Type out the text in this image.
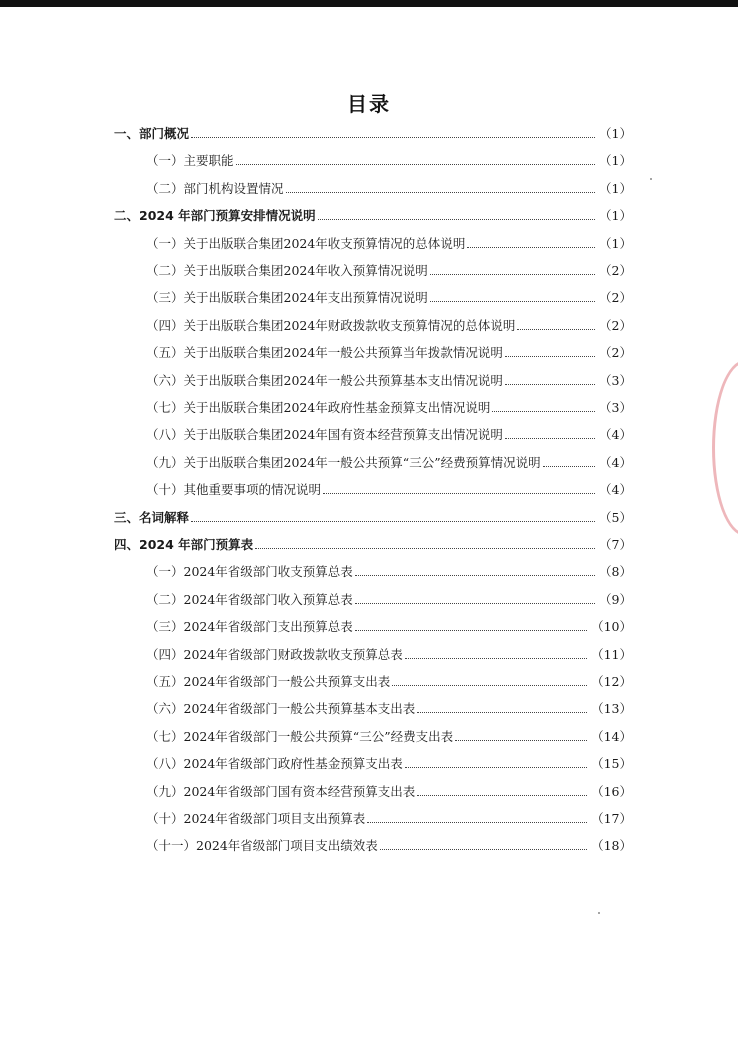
目录
一、部门概况	（1）
（一）主要职能	（1）
（二）部门机构设置情况	（1）
二、2024 年部门预算安排情况说明	（1）
（一）关于出版联合集团2024年收支预算情况的总体说明	（1）
（二）关于出版联合集团2024年收入预算情况说明	（2）
（三）关于出版联合集团2024年支出预算情况说明	（2）
（四）关于出版联合集团2024年财政拨款收支预算情况的总体说明	（2）
（五）关于出版联合集团2024年一般公共预算当年拨款情况说明	（2）
（六）关于出版联合集团2024年一般公共预算基本支出情况说明	（3）
（七）关于出版联合集团2024年政府性基金预算支出情况说明	（3）
（八）关于出版联合集团2024年国有资本经营预算支出情况说明	（4）
（九）关于出版联合集团2024年一般公共预算“三公”经费预算情况说明	（4）
（十）其他重要事项的情况说明	（4）
三、名词解释	（5）
四、2024 年部门预算表	（7）
（一）2024年省级部门收支预算总表	（8）
（二）2024年省级部门收入预算总表	（9）
（三）2024年省级部门支出预算总表	（10）
（四）2024年省级部门财政拨款收支预算总表	（11）
（五）2024年省级部门一般公共预算支出表	（12）
（六）2024年省级部门一般公共预算基本支出表	（13）
（七）2024年省级部门一般公共预算“三公”经费支出表	（14）
（八）2024年省级部门政府性基金预算支出表	（15）
（九）2024年省级部门国有资本经营预算支出表	（16）
（十）2024年省级部门项目支出预算表	（17）
（十一）2024年省级部门项目支出绩效表	（18）
